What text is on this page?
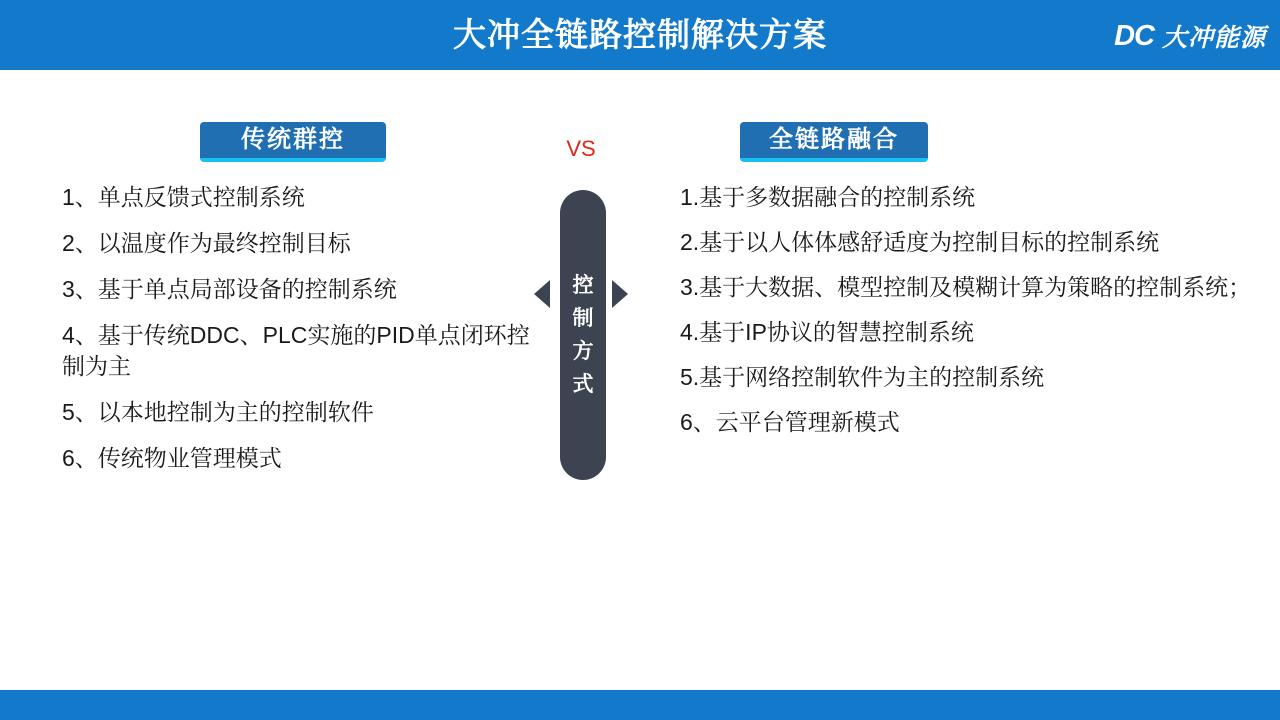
大冲全链路控制解决方案	DC 大冲能源
传统群控	全链路融合
VS
控
制
方
式
1、单点反馈式控制系统
2、以温度作为最终控制目标
3、基于单点局部设备的控制系统
4、基于传统DDC、PLC实施的PID单点闭环控制为主
5、以本地控制为主的控制软件
6、传统物业管理模式
1.基于多数据融合的控制系统
2.基于以人体体感舒适度为控制目标的控制系统
3.基于大数据、模型控制及模糊计算为策略的控制系统；
4.基于IP协议的智慧控制系统
5.基于网络控制软件为主的控制系统
6、云平台管理新模式
